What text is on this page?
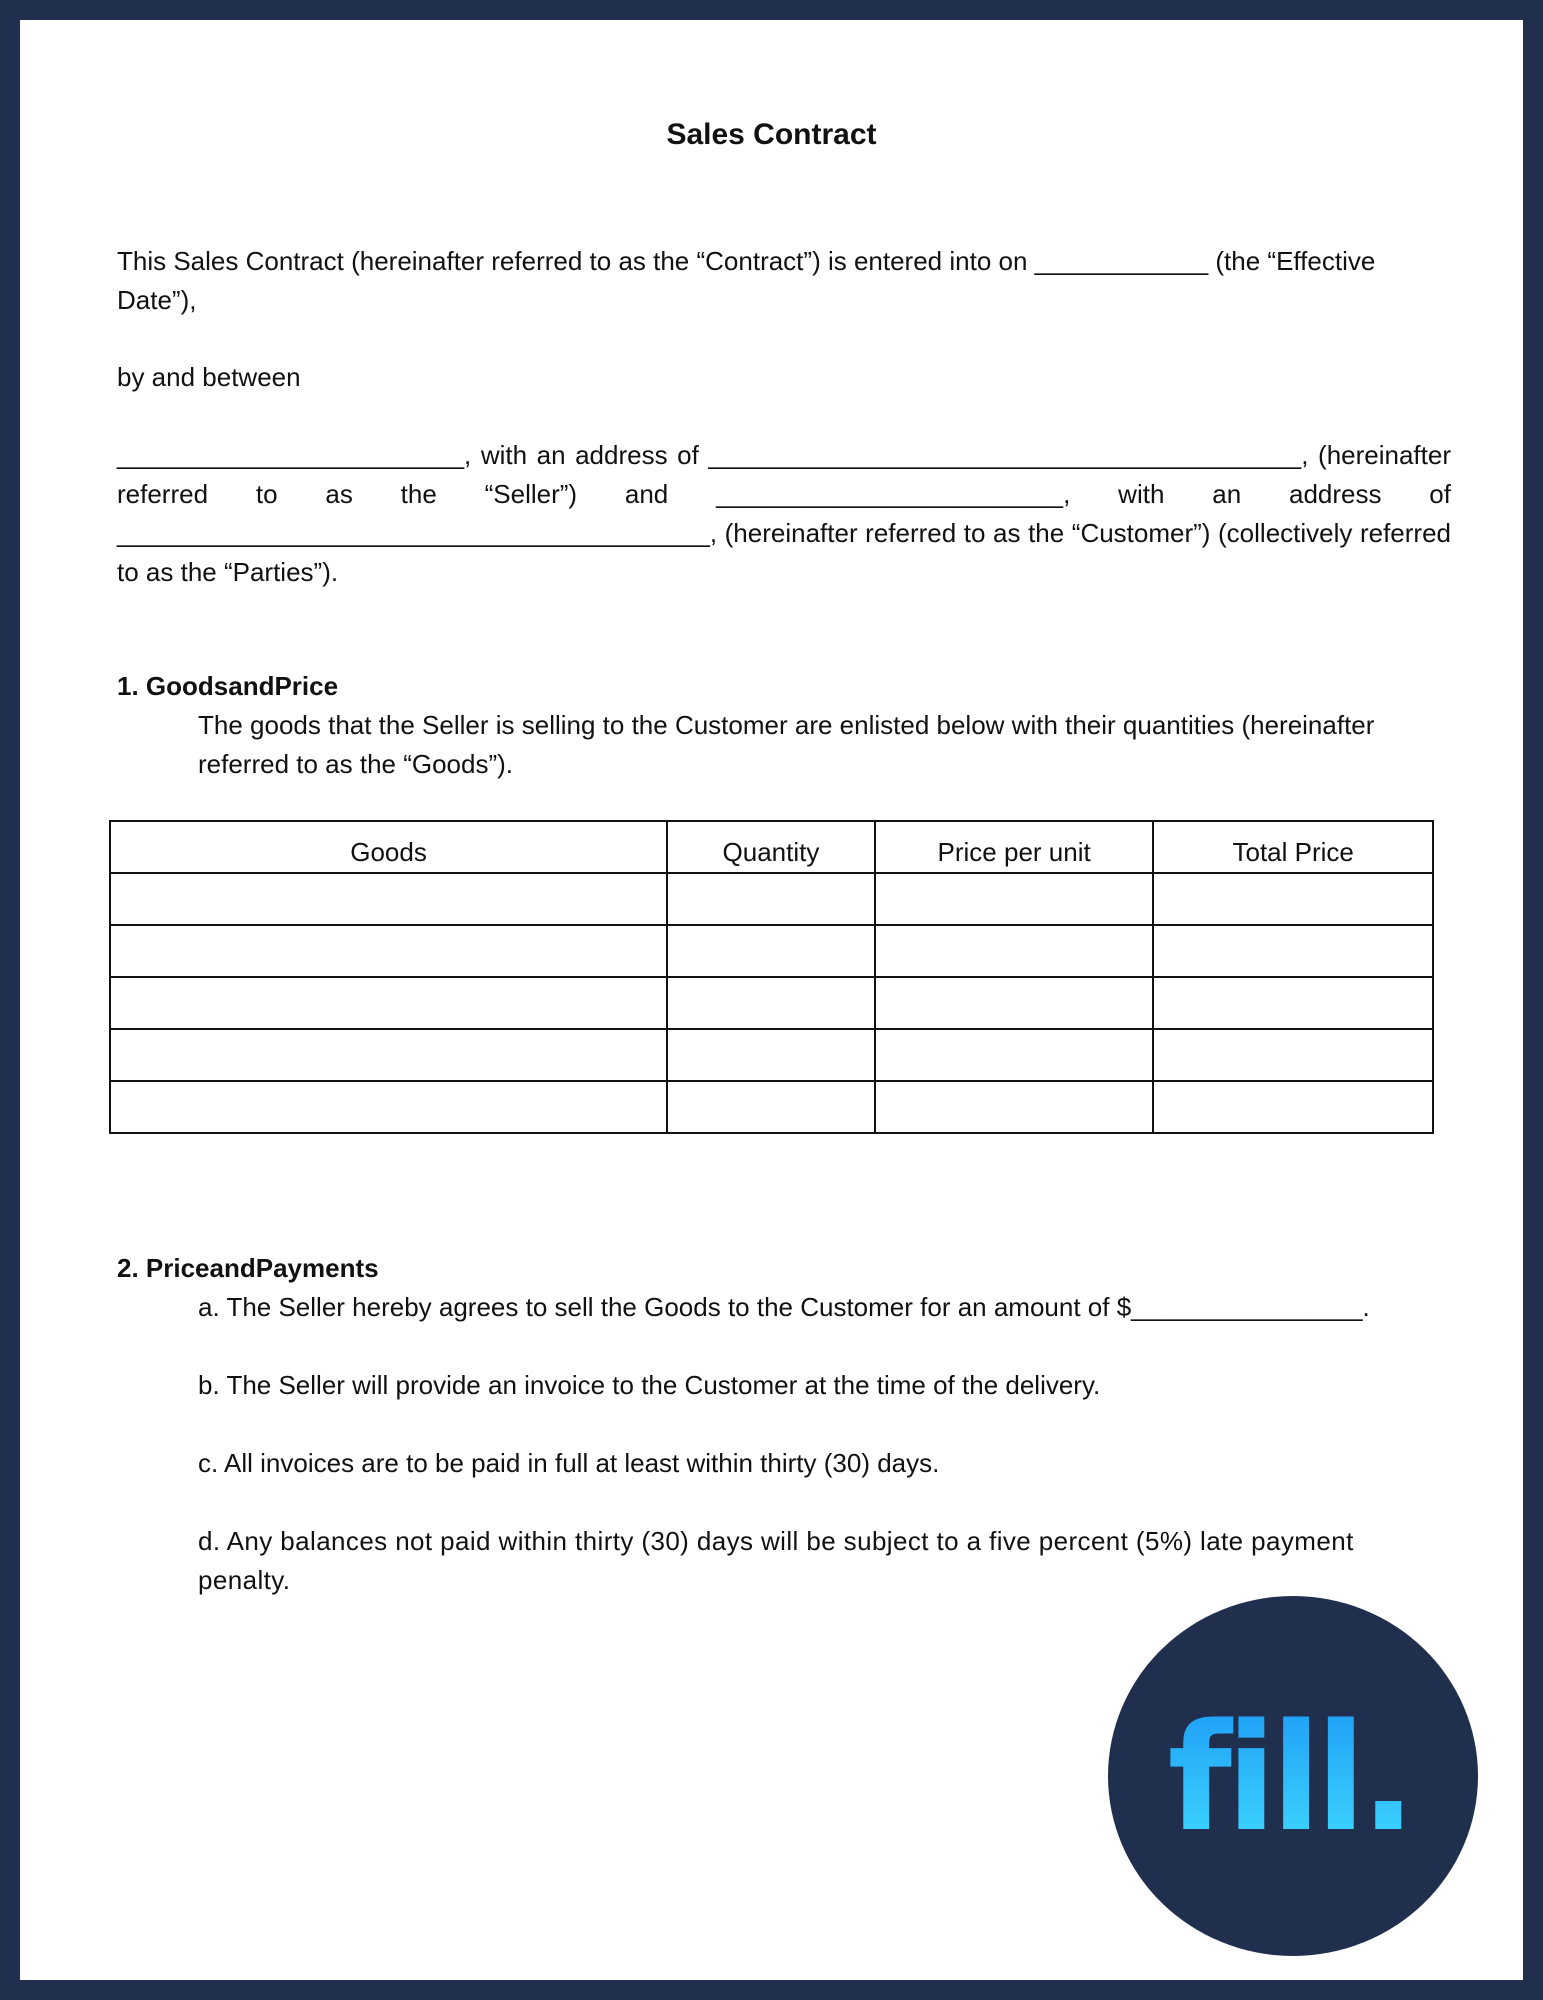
Sales Contract
This Sales Contract (hereinafter referred to as the “Contract”) is entered into on ____________ (the “Effective Date”),
by and between
________________________, with an address of _________________________________________, (hereinafter referred to as the “Seller”) and ________________________, with an address of _________________________________________, (hereinafter referred to as the “Customer”) (collectively referred to as the “Parties”).
1. GoodsandPrice
The goods that the Seller is selling to the Customer are enlisted below with their quantities (hereinafter referred to as the “Goods”).
Goods	Quantity	Price per unit	Total Price

2. PriceandPayments
a. The Seller hereby agrees to sell the Goods to the Customer for an amount of $________________.
b. The Seller will provide an invoice to the Customer at the time of the delivery.
c. All invoices are to be paid in full at least within thirty (30) days.
d. Any balances not paid within thirty (30) days will be subject to a five percent (5%) late payment penalty.
fill.
